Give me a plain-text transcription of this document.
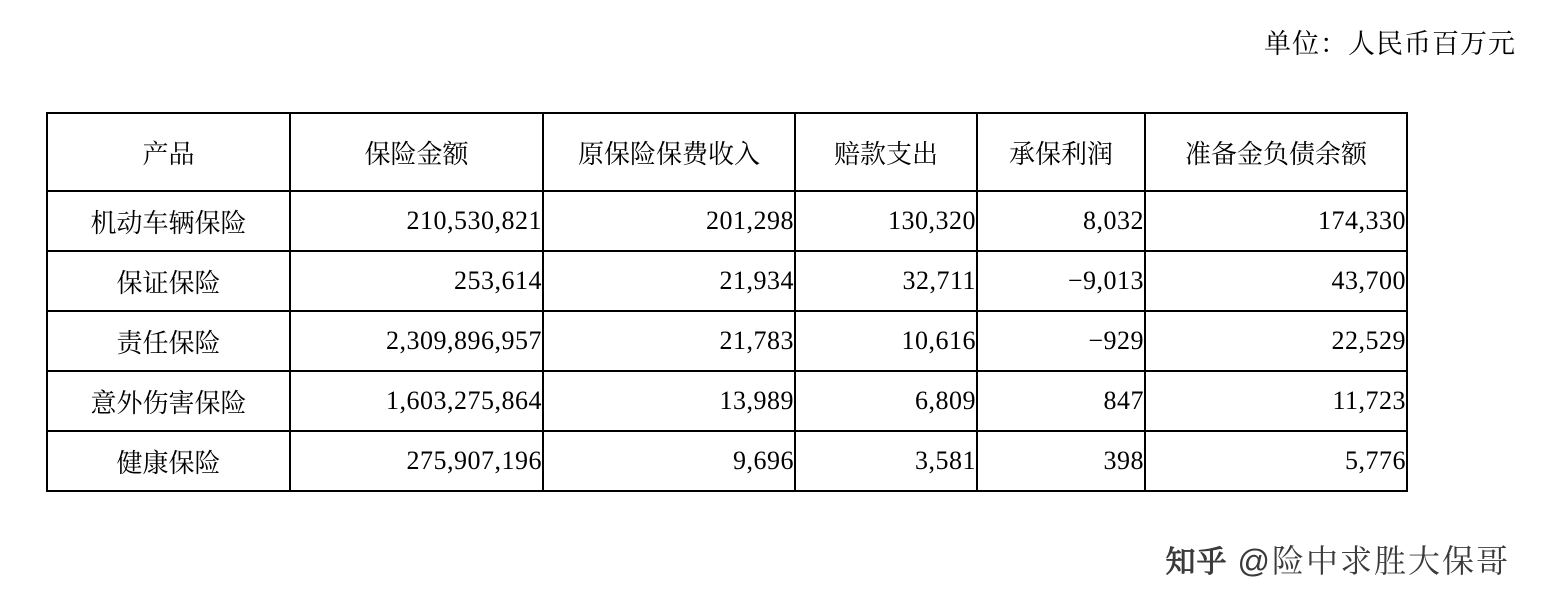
单位：人民币百万元
产品	保险金额	原保险保费收入	赔款支出	承保利润	准备金负债余额
机动车辆保险	210,530,821	201,298	130,320	8,032	174,330
保证保险	253,614	21,934	32,711	−9,013	43,700
责任保险	2,309,896,957	21,783	10,616	−929	22,529
意外伤害保险	1,603,275,864	13,989	6,809	847	11,723
健康保险	275,907,196	9,696	3,581	398	5,776
知乎 @险中求胜大保哥
